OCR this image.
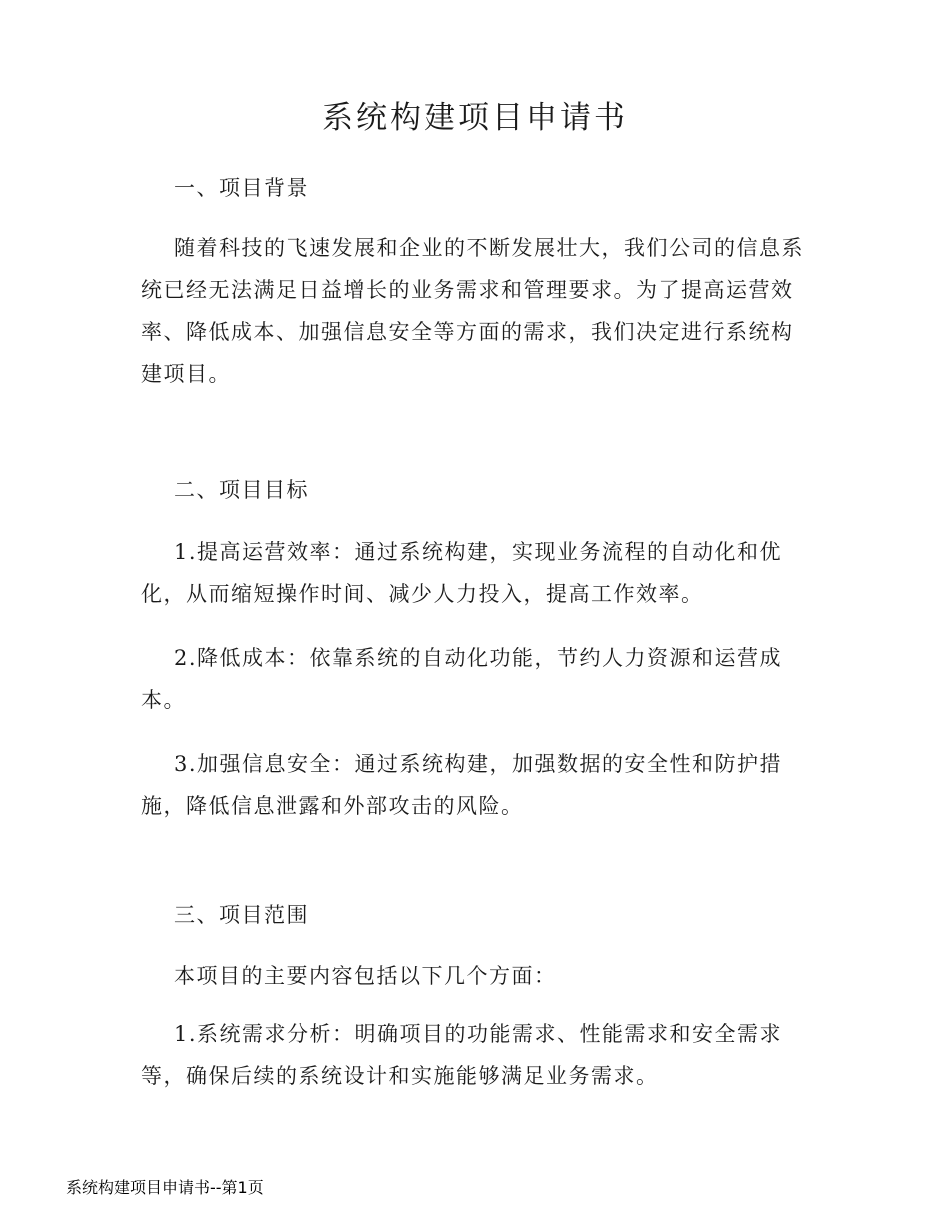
系统构建项目申请书
一、项目背景

随着科技的飞速发展和企业的不断发展壮大，我们公司的信息系统已经无法满足日益增长的业务需求和管理要求。为了提高运营效率、降低成本、加强信息安全等方面的需求，我们决定进行系统构建项目。

二、项目目标

1.提高运营效率：通过系统构建，实现业务流程的自动化和优化，从而缩短操作时间、减少人力投入，提高工作效率。

2.降低成本：依靠系统的自动化功能，节约人力资源和运营成本。

3.加强信息安全：通过系统构建，加强数据的安全性和防护措施，降低信息泄露和外部攻击的风险。

三、项目范围

本项目的主要内容包括以下几个方面：

1.系统需求分析：明确项目的功能需求、性能需求和安全需求等，确保后续的系统设计和实施能够满足业务需求。

系统构建项目申请书--第1页
